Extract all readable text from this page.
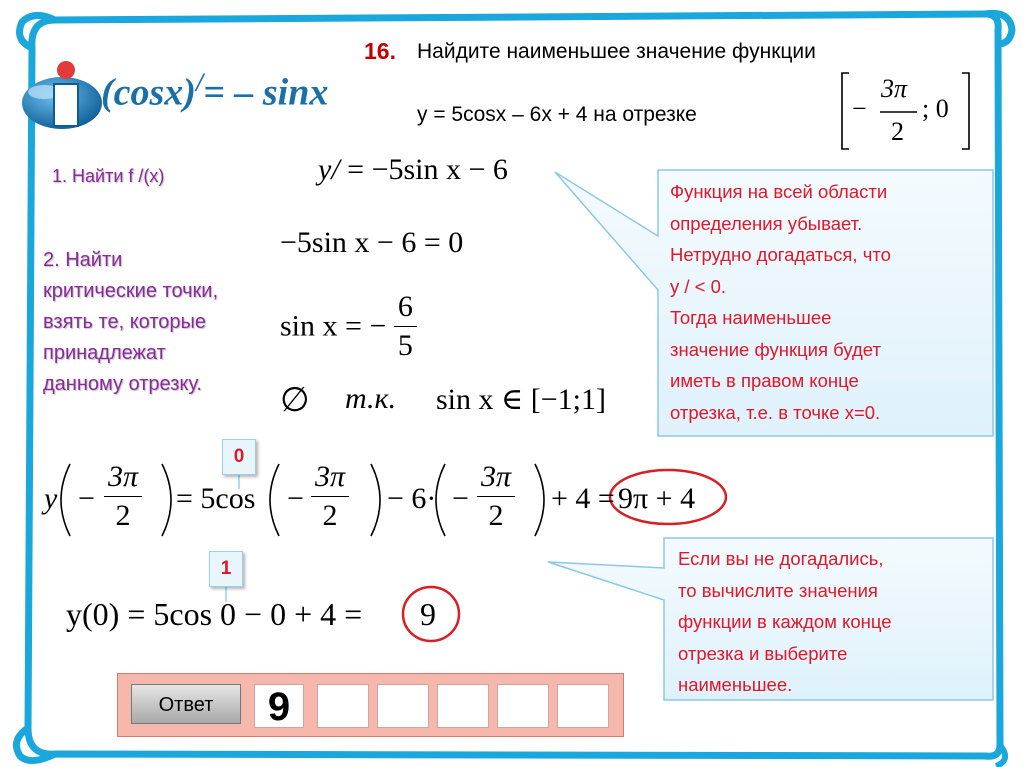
(cosx)/= – sinx
16. Найдите наименьшее значение функции
y = 5cosx – 6x + 4 на отрезке	−
3π
2
; 0
1. Найти f /(x)
2. Найти
критические точки,
взять те, которые
принадлежат
данному отрезку.
y/ = −5sin x − 6
−5sin x − 6 = 0
sin x = − $\frac{6}{5}$
∅ т.к. sin x ∈ [−1;1]
Функция на всей области
определения убывает.
Нетрудно догадаться, что
y / < 0.
Тогда наименьшее
значение функция будет
иметь в правом конце
отрезка, т.е. в точке x=0.
0
1
$y - \frac{3\pi}{2} = 5\cos - \frac{3\pi}{2} - 6\cdot - \frac{3\pi}{2} + 4 = 9\pi + 4$
y(0) = 5cos 0 − 0 + 4 = 9
Если вы не догадались,
то вычислите значения
функции в каждом конце
отрезка и выберите
наименьшее.
Ответ	9
